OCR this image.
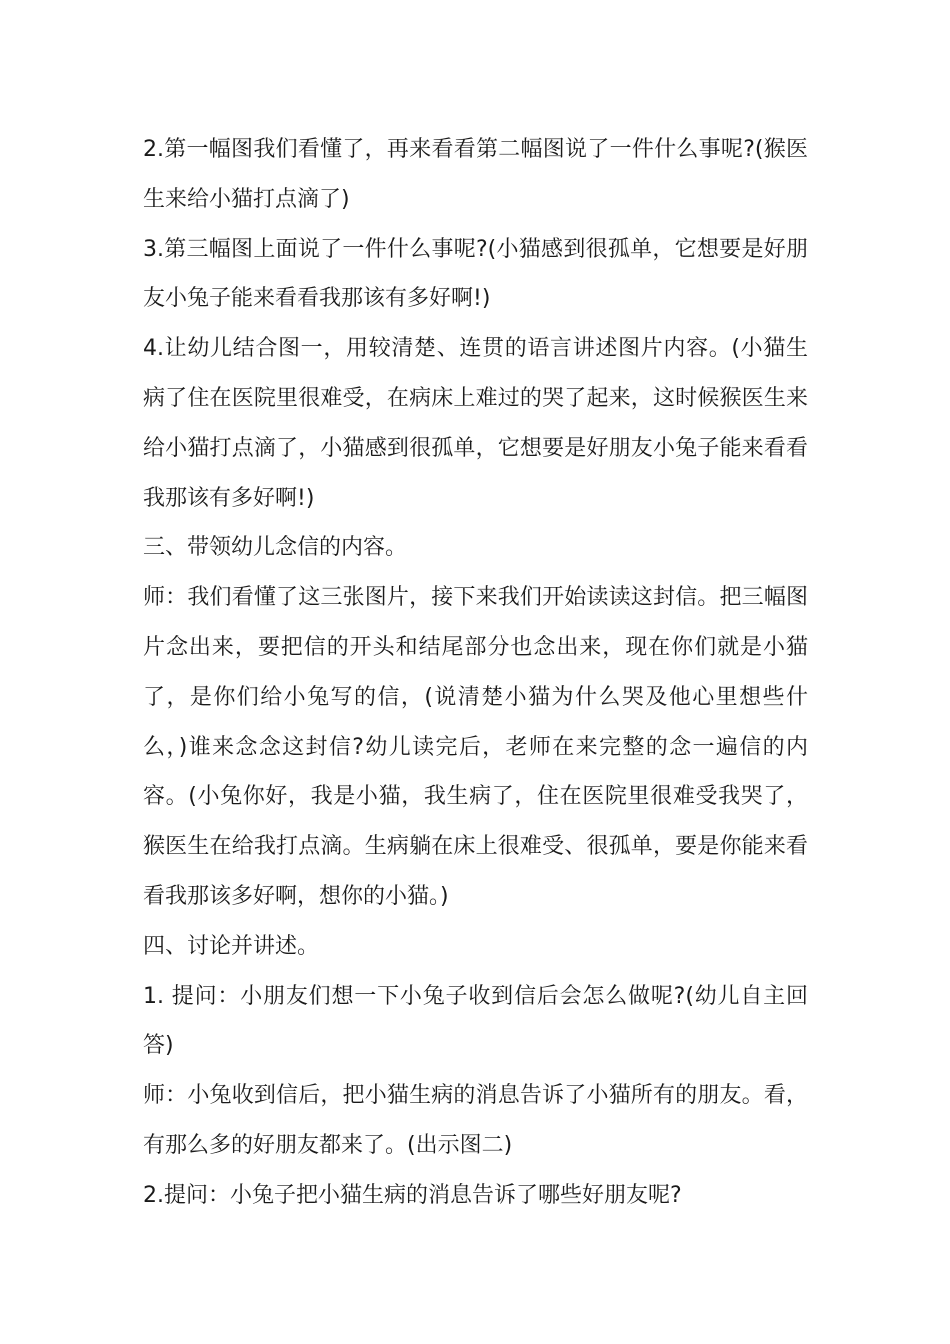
2.第一幅图我们看懂了，再来看看第二幅图说了一件什么事呢?(猴医生来给小猫打点滴了)

3.第三幅图上面说了一件什么事呢?(小猫感到很孤单，它想要是好朋友小兔子能来看看我那该有多好啊!)

4.让幼儿结合图一，用较清楚、连贯的语言讲述图片内容。(小猫生病了住在医院里很难受，在病床上难过的哭了起来，这时候猴医生来给小猫打点滴了，小猫感到很孤单，它想要是好朋友小兔子能来看看我那该有多好啊!)

三、带领幼儿念信的内容。

师：我们看懂了这三张图片，接下来我们开始读读这封信。把三幅图片念出来，要把信的开头和结尾部分也念出来，现在你们就是小猫了，是你们给小兔写的信，(说清楚小猫为什么哭及他心里想些什么，)谁来念念这封信?幼儿读完后，老师在来完整的念一遍信的内容。(小兔你好，我是小猫，我生病了，住在医院里很难受我哭了，猴医生在给我打点滴。生病躺在床上很难受、很孤单，要是你能来看看我那该多好啊，想你的小猫。)

四、讨论并讲述。

1. 提问：小朋友们想一下小兔子收到信后会怎么做呢?(幼儿自主回答)

师：小兔收到信后，把小猫生病的消息告诉了小猫所有的朋友。看，有那么多的好朋友都来了。(出示图二)

2.提问：小兔子把小猫生病的消息告诉了哪些好朋友呢?
